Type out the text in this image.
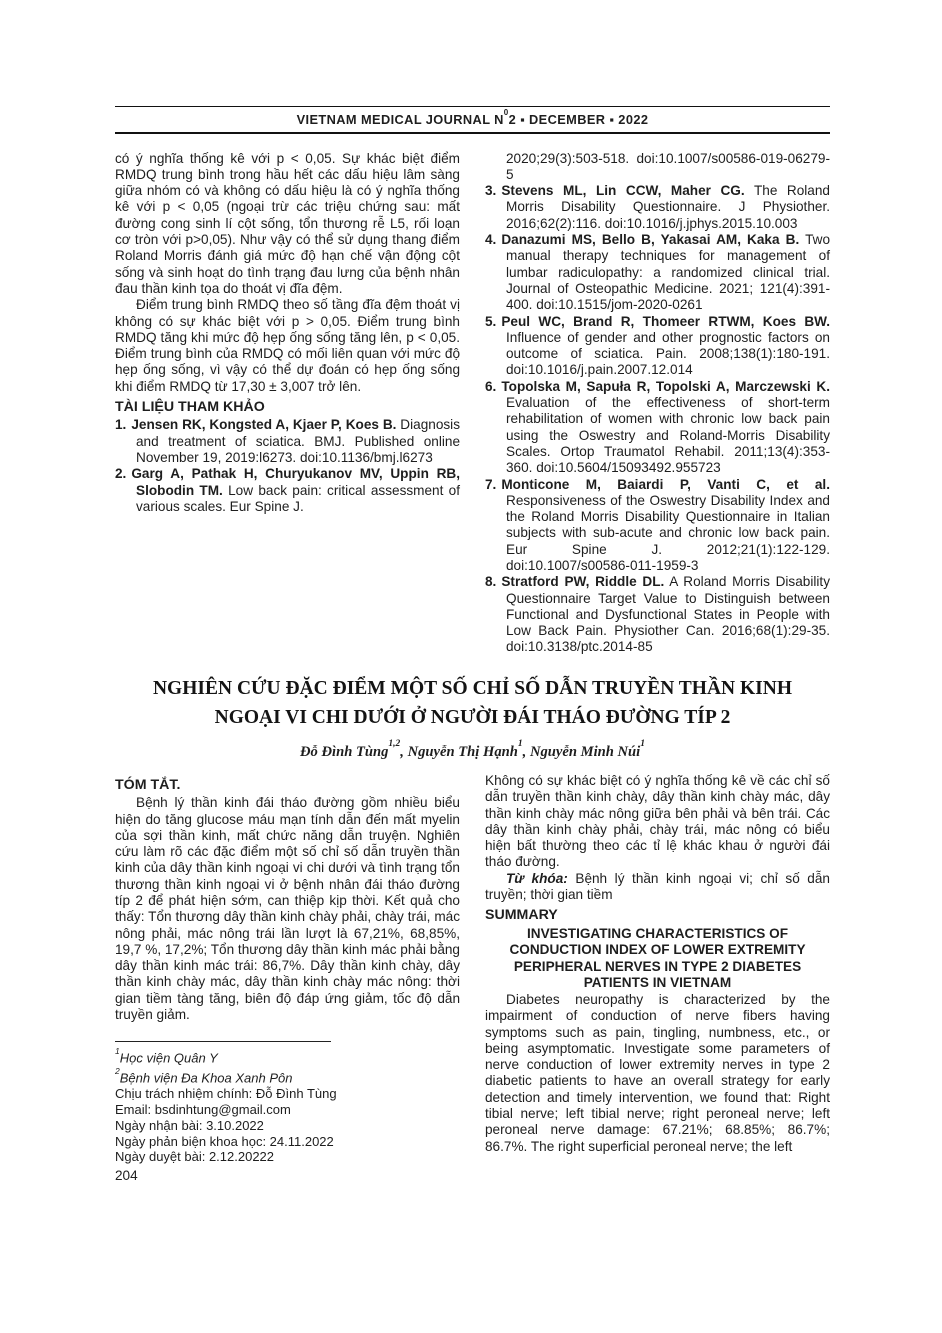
VIETNAM MEDICAL JOURNAL $N^02$ ▪ DECEMBER ▪ 2022

có ý nghĩa thống kê với p < 0,05. Sự khác biệt điểm RMDQ trung bình trong hầu hết các dấu hiệu lâm sàng giữa nhóm có và không có dấu hiệu là có ý nghĩa thống kê với p < 0,05 (ngoại trừ các triệu chứng sau: mất đường cong sinh lí cột sống, tổn thương rễ L5, rối loạn cơ tròn với p>0,05). Như vậy có thể sử dụng thang điểm Roland Morris đánh giá mức độ hạn chế vận động cột sống và sinh hoạt do tình trạng đau lưng của bệnh nhân đau thần kinh tọa do thoát vị đĩa đệm.

Điểm trung bình RMDQ theo số tầng đĩa đệm thoát vị không có sự khác biệt với p > 0,05. Điểm trung bình RMDQ tăng khi mức độ hẹp ống sống tăng lên, p < 0,05. Điểm trung bình của RMDQ có mối liên quan với mức độ hẹp ống sống, vì vậy có thể dự đoán có hẹp ống sống khi điểm RMDQ từ 17,30 ± 3,007 trở lên.

TÀI LIỆU THAM KHẢO

1. Jensen RK, Kongsted A, Kjaer P, Koes B. Diagnosis and treatment of sciatica. BMJ. Published online November 19, 2019:l6273. doi:10.1136/bmj.l6273

2. Garg A, Pathak H, Churyukanov MV, Uppin RB, Slobodin TM. Low back pain: critical assessment of various scales. Eur Spine J.

2020;29(3):503-518. doi:10.1007/s00586-019-06279-5

3. Stevens ML, Lin CCW, Maher CG. The Roland Morris Disability Questionnaire. J Physiother. 2016;62(2):116. doi:10.1016/j.jphys.2015.10.003

4. Danazumi MS, Bello B, Yakasai AM, Kaka B. Two manual therapy techniques for management of lumbar radiculopathy: a randomized clinical trial. Journal of Osteopathic Medicine. 2021; 121(4):391-400. doi:10.1515/jom-2020-0261

5. Peul WC, Brand R, Thomeer RTWM, Koes BW. Influence of gender and other prognostic factors on outcome of sciatica. Pain. 2008;138(1):180-191. doi:10.1016/j.pain.2007.12.014

6. Topolska M, Sapuła R, Topolski A, Marczewski K. Evaluation of the effectiveness of short-term rehabilitation of women with chronic low back pain using the Oswestry and Roland-Morris Disability Scales. Ortop Traumatol Rehabil. 2011;13(4):353-360. doi:10.5604/15093492.955723

7. Monticone M, Baiardi P, Vanti C, et al. Responsiveness of the Oswestry Disability Index and the Roland Morris Disability Questionnaire in Italian subjects with sub-acute and chronic low back pain. Eur Spine J. 2012;21(1):122-129. doi:10.1007/s00586-011-1959-3

8. Stratford PW, Riddle DL. A Roland Morris Disability Questionnaire Target Value to Distinguish between Functional and Dysfunctional States in People with Low Back Pain. Physiother Can. 2016;68(1):29-35. doi:10.3138/ptc.2014-85

NGHIÊN CỨU ĐẶC ĐIỂM MỘT SỐ CHỈ SỐ DẪN TRUYỀN THẦN KINH NGOẠI VI CHI DƯỚI Ở NGƯỜI ĐÁI THÁO ĐƯỜNG TÍP 2
Đỗ Đình Tùng$^{1,2}$, Nguyễn Thị Hạnh$^1$, Nguyễn Minh Núi$^1$
TÓM TẮT.

Bệnh lý thần kinh đái tháo đường gồm nhiều biểu hiện do tăng glucose máu mạn tính dẫn đến mất myelin của sợi thần kinh, mất chức năng dẫn truyện. Nghiên cứu làm rõ các đặc điểm một số chỉ số dẫn truyền thần kinh của dây thần kinh ngoại vi chi dưới và tình trạng tổn thương thần kinh ngoại vi ở bệnh nhân đái tháo đường típ 2 để phát hiện sớm, can thiệp kịp thời. Kết quả cho thấy: Tổn thương dây thần kinh chày phải, chày trái, mác nông phải, mác nông trái lần lượt là 67,21%, 68,85%, 19,7 %, 17,2%; Tổn thương dây thần kinh mác phải bằng dây thần kinh mác trái: 86,7%. Dây thần kinh chày, dây thần kinh chày mác, dây thần kinh chày mác nông: thời gian tiềm tàng tăng, biên độ đáp ứng giảm, tốc độ dẫn truyền giảm.

$^1$Học viện Quân Y
$^2$Bệnh viện Đa Khoa Xanh Pôn
Chịu trách nhiệm chính: Đỗ Đình Tùng
Email: bsdinhtung@gmail.com
Ngày nhận bài: 3.10.2022
Ngày phản biện khoa học: 24.11.2022
Ngày duyệt bài: 2.12.20222

Không có sự khác biệt có ý nghĩa thống kê về các chỉ số dẫn truyền thần kinh chày, dây thần kinh chày mác, dây thần kinh chày mác nông giữa bên phải và bên trái. Các dây thần kinh chày phải, chày trái, mác nông có biểu hiện bất thường theo các tỉ lệ khác khau ở người đái tháo đường.

Từ khóa: Bệnh lý thần kinh ngoại vi; chỉ số dẫn truyền; thời gian tiềm

SUMMARY
INVESTIGATING CHARACTERISTICS OF CONDUCTION INDEX OF LOWER EXTREMITY PERIPHERAL NERVES IN TYPE 2 DIABETES PATIENTS IN VIETNAM

Diabetes neuropathy is characterized by the impairment of conduction of nerve fibers having symptoms such as pain, tingling, numbness, etc., or being asymptomatic. Investigate some parameters of nerve conduction of lower extremity nerves in type 2 diabetic patients to have an overall strategy for early detection and timely intervention, we found that: Right tibial nerve; left tibial nerve; right peroneal nerve; left peroneal nerve damage: 67.21%; 68.85%; 86.7%; 86.7%. The right superficial peroneal nerve; the left

204
